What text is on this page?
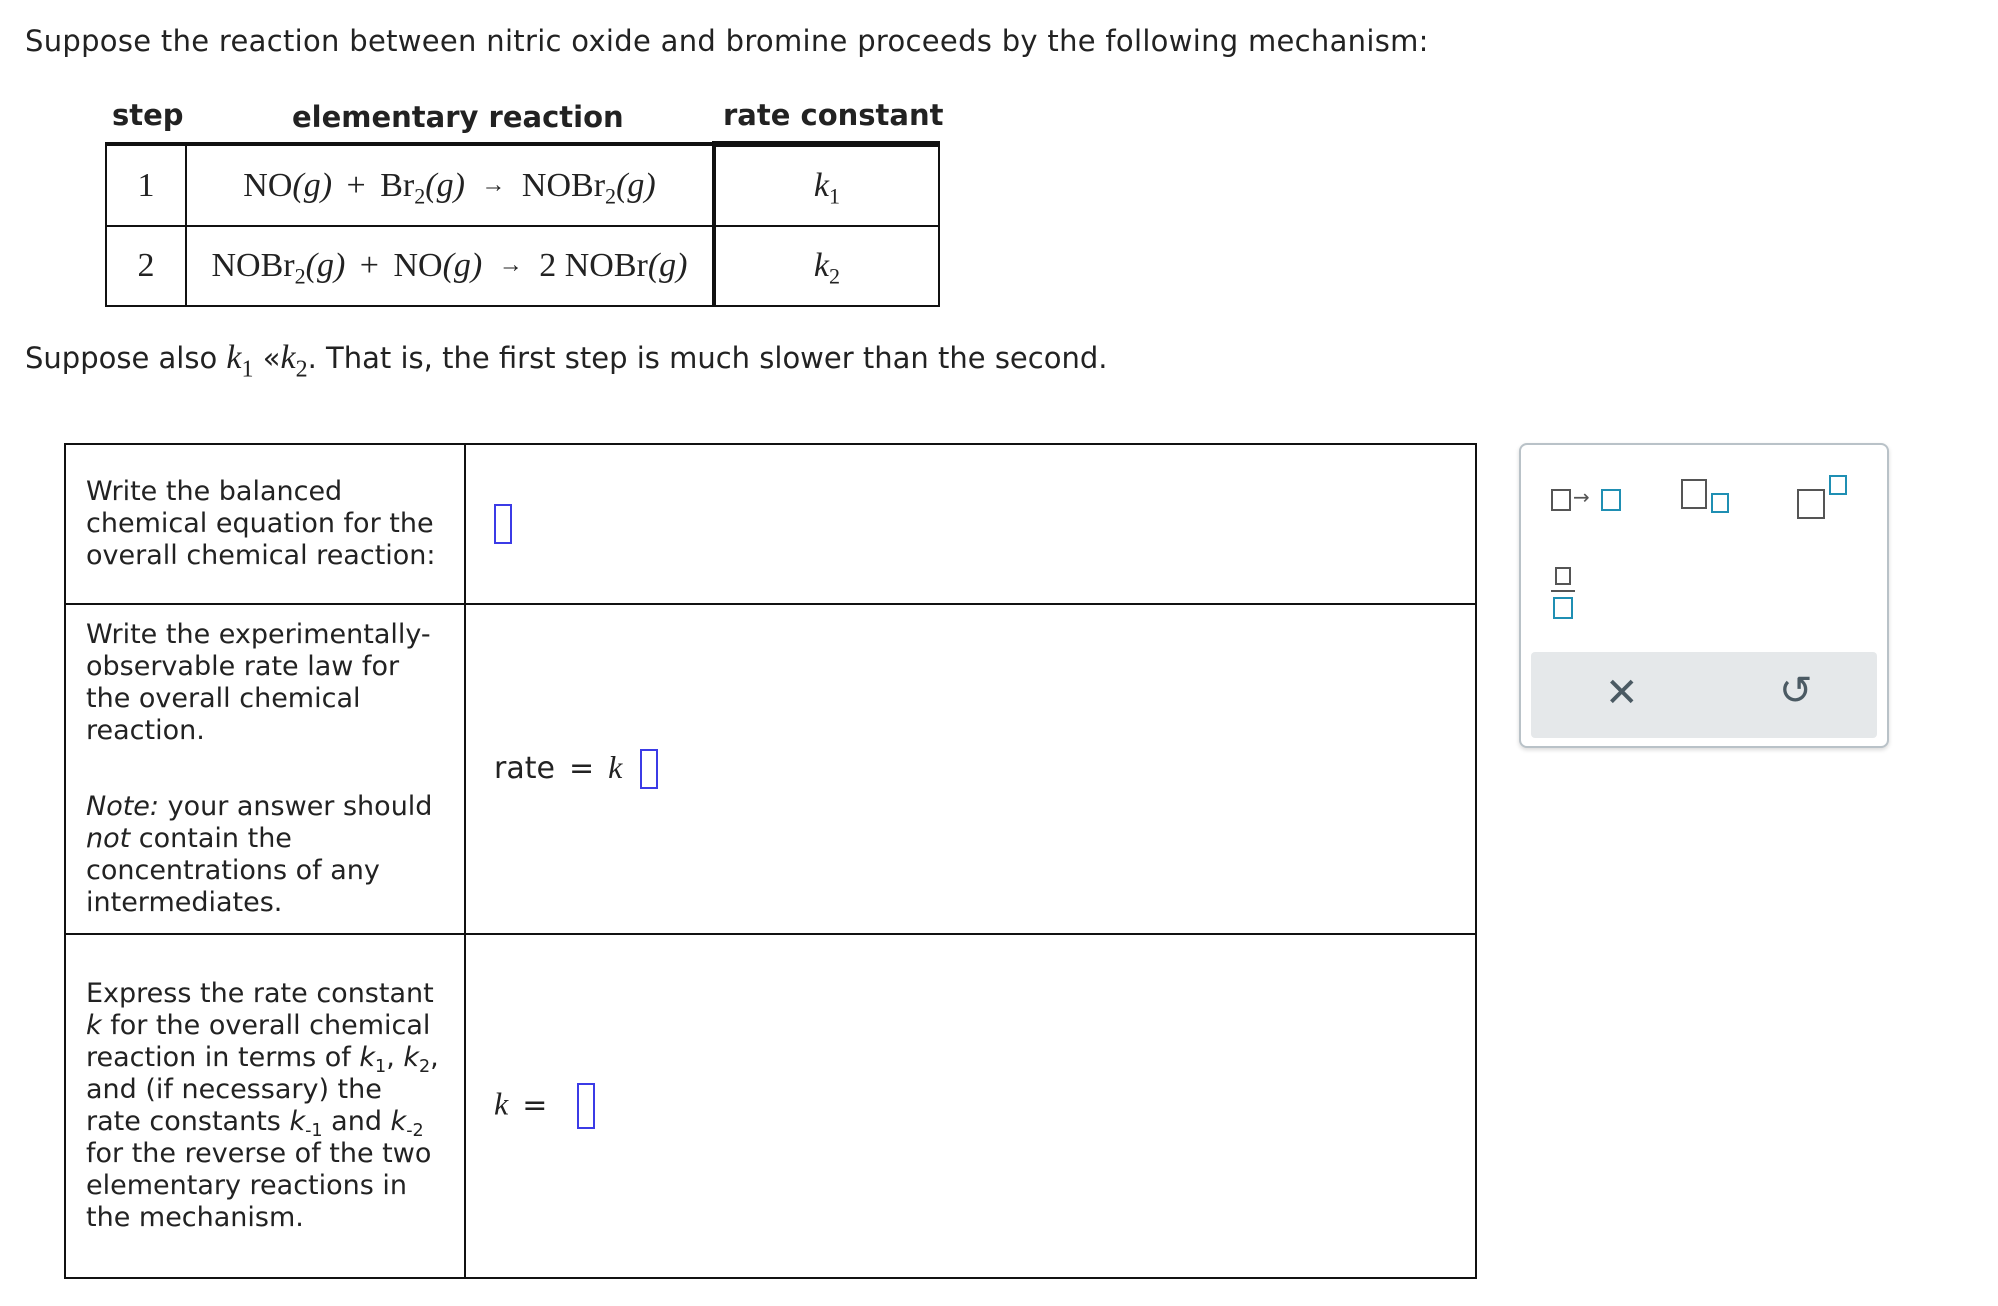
Suppose the reaction between nitric oxide and bromine proceeds by the following mechanism:
step	elementary reaction	rate constant
1	$NO(g) + Br_2(g)$ → NOBr$_2$(g)	$k_1$
2	NOBr$_2$(g) + NO(g) → 2 NOBr(g)	$k_2$
Suppose also $k_1$ «$k_2$. That is, the first step is much slower than the second.
Write the balanced chemical equation for the overall chemical reaction:	

Write the experimentally-observable rate law for the overall chemical reaction.
Note: your answer should not contain the concentrations of any intermediates.	rate = k
Express the rate constant k for the overall chemical reaction in terms of $k_1$, $k_2$, and (if necessary) the rate constants $k_{-1}$ and $k_{-2}$ for the reverse of the two elementary reactions in the mechanism.	k =
→
✕	↺
